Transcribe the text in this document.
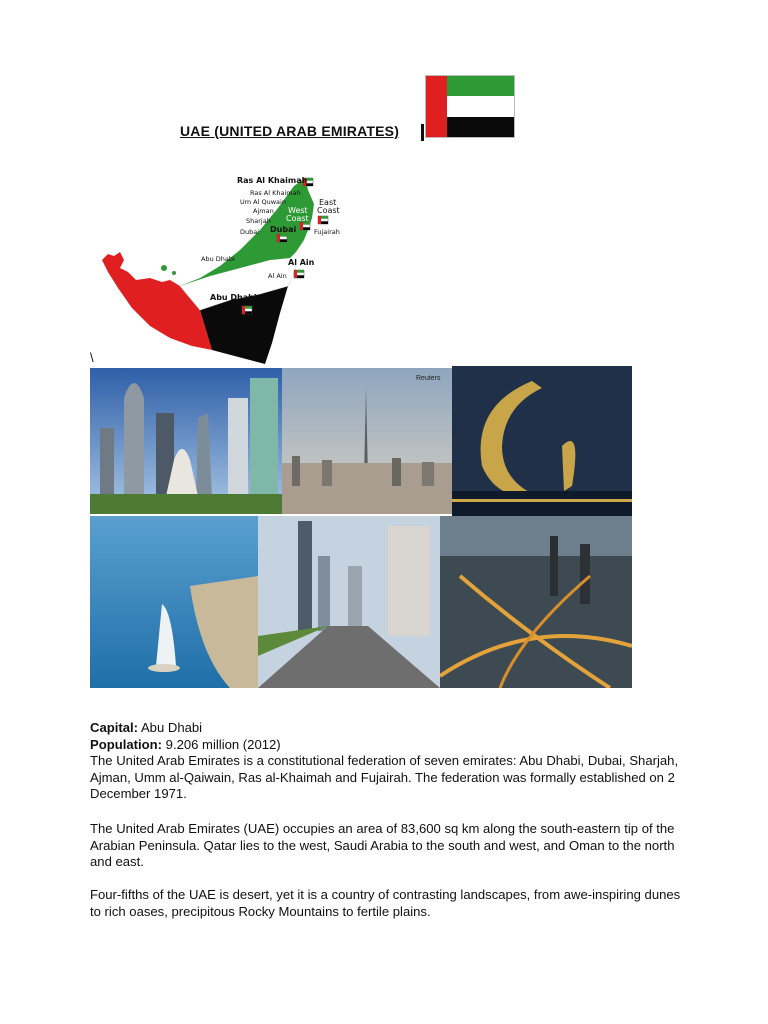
UAE (UNITED ARAB EMIRATES)
Ras Al Khaimah
Ras Al Khaimah
Um Al Quwain
Ajman
Sharjah
Dubai Dubai
West
Coast
East
Coast
Fujairah
Abu Dhabi	Al Ain
Al Ain
Abu Dhabi
\
Reuters

Capital: Abu Dhabi

Population: 9.206 million (2012)

The United Arab Emirates is a constitutional federation of seven emirates: Abu Dhabi, Dubai, Sharjah, Ajman, Umm al-Qaiwain, Ras al-Khaimah and Fujairah. The federation was formally established on 2 December 1971.

The United Arab Emirates (UAE) occupies an area of 83,600 sq km along the south-eastern tip of the Arabian Peninsula. Qatar lies to the west, Saudi Arabia to the south and west, and Oman to the north and east.
Four-fifths of the UAE is desert, yet it is a country of contrasting landscapes, from awe-inspiring dunes to rich oases, precipitous Rocky Mountains to fertile plains.
